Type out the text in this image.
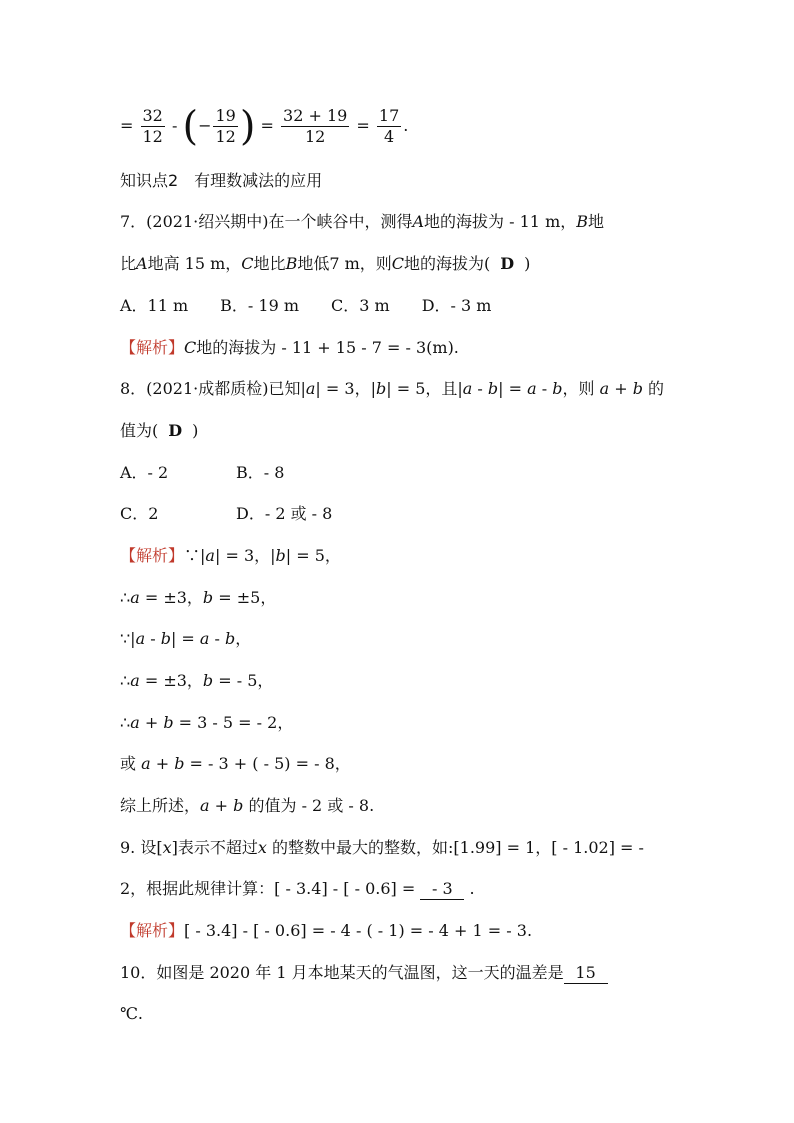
= $\frac{32}{12}$ - (− $\frac{19}{12}$ ) = $\frac{32 + 19}{12} = \frac{17}{4}$ .
知识点2　有理数减法的应用
7．(2021·绍兴期中)在一个峡谷中，测得A地的海拔为 - 11 m，B地
比A地高 15 m，C地比B地低7 m，则C地的海拔为( D )
A．11 m　　B．- 19 m　　C．3 m　　D．- 3 m
【解析】C地的海拔为 - 11 + 15 - 7 = - 3(m).
8．(2021·成都质检)已知|a| = 3，|b| = 5，且|a - b| = a - b，则 a + b 的
值为( D )
A．- 2	B．- 8
C．2	D．- 2 或 - 8
【解析】∵|a| = 3，|b| = 5，
∴a = ±3，b = ±5，
∵|a - b| = a - b，
∴a = ±3，b = - 5，
∴a + b = 3 - 5 = - 2，
或 a + b = - 3 + ( - 5) = - 8，
综上所述，a + b 的值为 - 2 或 - 8.
9. 设[x]表示不超过x 的整数中最大的整数，如:[1.99] = 1，[ - 1.02] = -
2，根据此规律计算：[ - 3.4] - [ - 0.6] = - 3 .
【解析】[ - 3.4] - [ - 0.6] = - 4 - ( - 1) = - 4 + 1 = - 3.
10．如图是 2020 年 1 月本地某天的气温图，这一天的温差是 15
℃.
